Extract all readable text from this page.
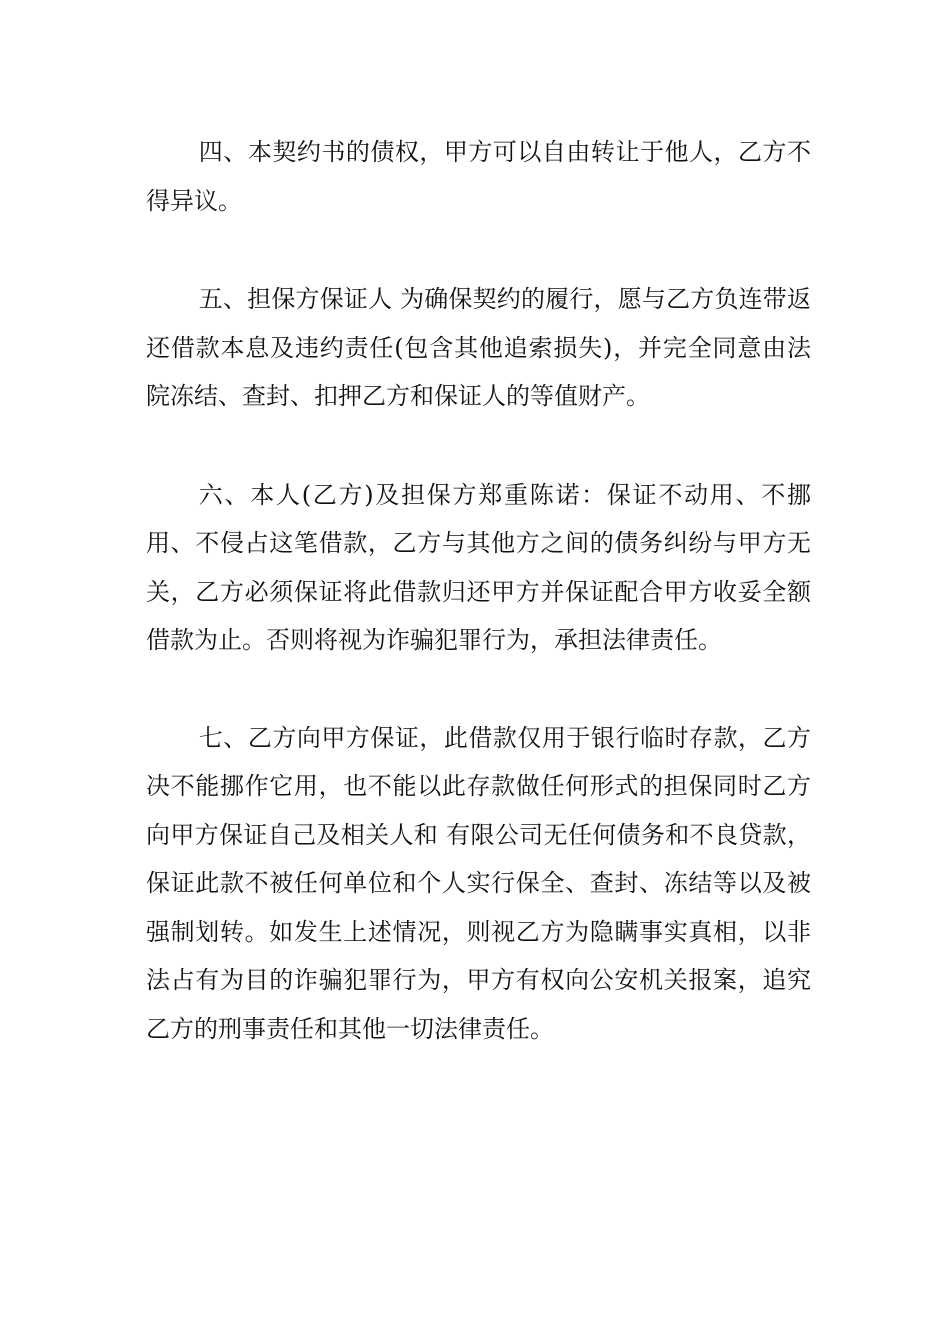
四、本契约书的债权，甲方可以自由转让于他人，乙方不得异议。

五、担保方保证人 为确保契约的履行，愿与乙方负连带返还借款本息及违约责任(包含其他追索损失)，并完全同意由法院冻结、查封、扣押乙方和保证人的等值财产。

六、本人(乙方)及担保方郑重陈诺：保证不动用、不挪用、不侵占这笔借款，乙方与其他方之间的债务纠纷与甲方无关，乙方必须保证将此借款归还甲方并保证配合甲方收妥全额借款为止。否则将视为诈骗犯罪行为，承担法律责任。

七、乙方向甲方保证，此借款仅用于银行临时存款，乙方决不能挪作它用，也不能以此存款做任何形式的担保同时乙方向甲方保证自己及相关人和 有限公司无任何债务和不良贷款，保证此款不被任何单位和个人实行保全、查封、冻结等以及被强制划转。如发生上述情况，则视乙方为隐瞒事实真相，以非法占有为目的诈骗犯罪行为，甲方有权向公安机关报案，追究乙方的刑事责任和其他一切法律责任。
